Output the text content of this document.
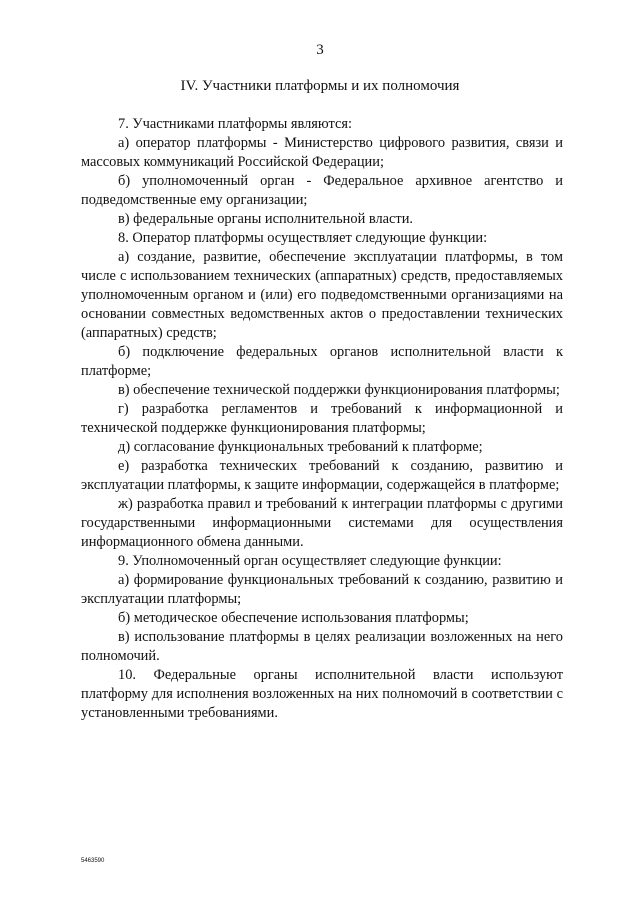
3
IV. Участники платформы и их полномочия

7. Участниками платформы являются:

а) оператор платформы - Министерство цифрового развития, связи и массовых коммуникаций Российской Федерации;

б) уполномоченный орган - Федеральное архивное агентство и подведомственные ему организации;

в) федеральные органы исполнительной власти.

8. Оператор платформы осуществляет следующие функции:

а) создание, развитие, обеспечение эксплуатации платформы, в том числе с использованием технических (аппаратных) средств, предоставляемых уполномоченным органом и (или) его подведомственными организациями на основании совместных ведомственных актов о предоставлении технических (аппаратных) средств;

б) подключение федеральных органов исполнительной власти к платформе;

в) обеспечение технической поддержки функционирования платформы;

г) разработка регламентов и требований к информационной и технической поддержке функционирования платформы;

д) согласование функциональных требований к платформе;

е) разработка технических требований к созданию, развитию и эксплуатации платформы, к защите информации, содержащейся в платформе;

ж) разработка правил и требований к интеграции платформы с другими государственными информационными системами для осуществления информационного обмена данными.

9. Уполномоченный орган осуществляет следующие функции:

а) формирование функциональных требований к созданию, развитию и эксплуатации платформы;

б) методическое обеспечение использования платформы;

в) использование платформы в целях реализации возложенных на него полномочий.

10. Федеральные органы исполнительной власти используют платформу для исполнения возложенных на них полномочий в соответствии с установленными требованиями.

5463590
